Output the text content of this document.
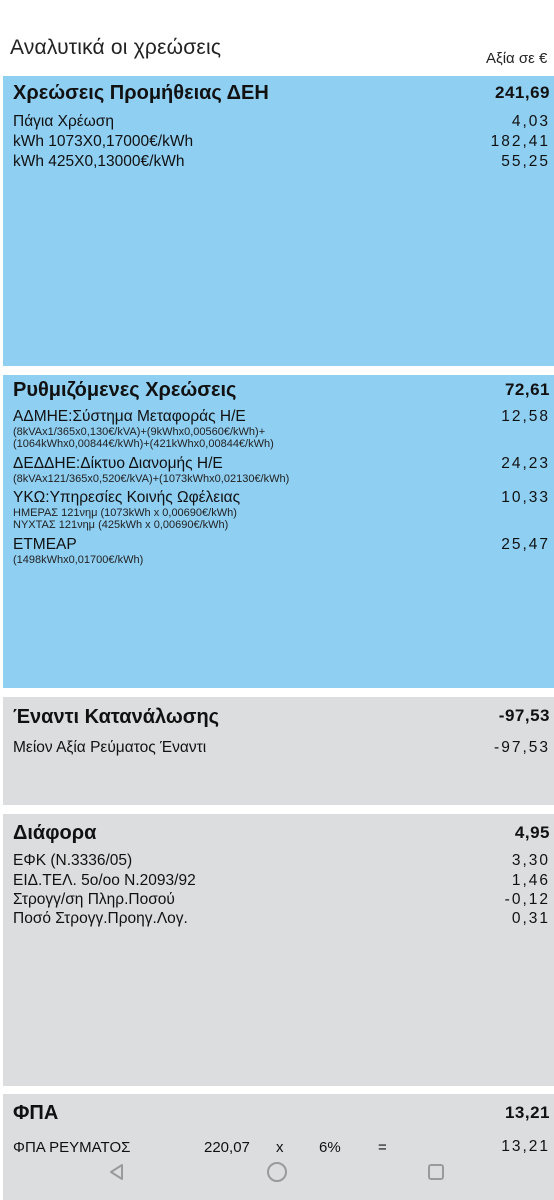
Αναλυτικά οι χρεώσεις	Αξία σε €
Χρεώσεις Προμήθειας ΔΕΗ	241,69
Πάγια Χρέωση	4,03
kWh 1073X0,17000€/kWh	182,41
kWh 425X0,13000€/kWh	55,25
Ρυθμιζόμενες Χρεώσεις	72,61
ΑΔΜΗΕ:Σύστημα Μεταφοράς Η/Ε	12,58
(8kVAx1/365x0,130€/kVA)+(9kWhx0,00560€/kWh)+
(1064kWhx0,00844€/kWh)+(421kWhx0,00844€/kWh)
ΔΕΔΔΗΕ:Δίκτυο Διανομής Η/Ε	24,23
(8kVAx121/365x0,520€/kVA)+(1073kWhx0,02130€/kWh)
ΥΚΩ:Υπηρεσίες Κοινής Ωφέλειας	10,33
ΗΜΕΡΑΣ 121νημ (1073kWh x 0,00690€/kWh)
ΝΥΧΤΑΣ 121νημ (425kWh x 0,00690€/kWh)
ΕΤΜΕΑΡ	25,47
(1498kWhx0,01700€/kWh)
Έναντι Κατανάλωσης	-97,53
Μείον Αξία Ρεύματος Έναντι	-97,53
Διάφορα	4,95
ΕΦΚ (Ν.3336/05)	3,30
ΕΙΔ.ΤΕΛ. 5ο/οο Ν.2093/92	1,46
Στρογγ/ση Πληρ.Ποσού	-0,12
Ποσό Στρογγ.Προηγ.Λογ.	0,31
ΦΠΑ	13,21
ΦΠΑ ΡΕΥΜΑΤΟΣ	220,07 x 6% =	13,21
